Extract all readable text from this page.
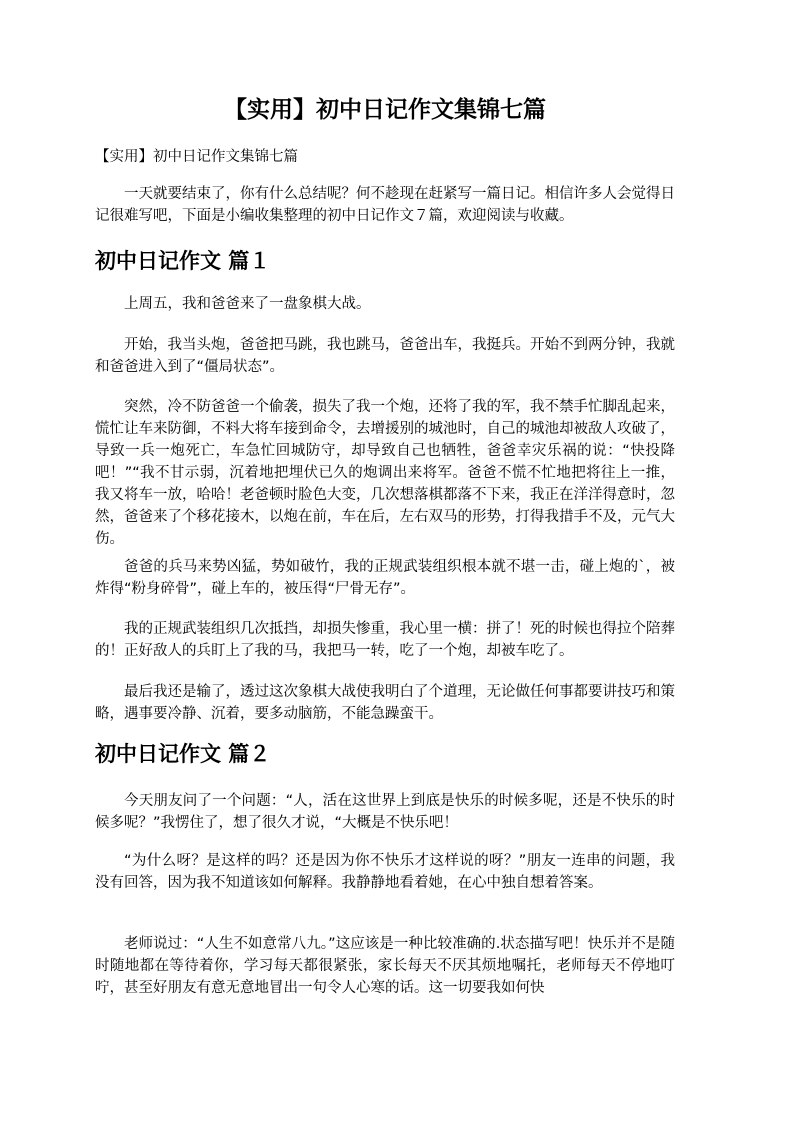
【实用】初中日记作文集锦七篇

【实用】初中日记作文集锦七篇

一天就要结束了，你有什么总结呢？何不趁现在赶紧写一篇日记。相信许多人会觉得日记很难写吧，下面是小编收集整理的初中日记作文７篇，欢迎阅读与收藏。

初中日记作文 篇１

上周五，我和爸爸来了一盘象棋大战。

开始，我当头炮，爸爸把马跳，我也跳马，爸爸出车，我挺兵。开始不到两分钟，我就和爸爸进入到了“僵局状态”。

突然，冷不防爸爸一个偷袭，损失了我一个炮，还将了我的军，我不禁手忙脚乱起来，慌忙让车来防御，不料大将车接到命令，去增援别的城池时，自己的城池却被敌人攻破了，导致一兵一炮死亡，车急忙回城防守，却导致自己也牺牲，爸爸幸灾乐祸的说：“快投降吧！”“我不甘示弱，沉着地把埋伏已久的炮调出来将军。爸爸不慌不忙地把将往上一推，我又将车一放，哈哈！老爸顿时脸色大变，几次想落棋都落不下来，我正在洋洋得意时，忽然，爸爸来了个移花接木，以炮在前，车在后，左右双马的形势，打得我措手不及，元气大伤。

爸爸的兵马来势凶猛，势如破竹，我的正规武装组织根本就不堪一击，碰上炮的`，被炸得“粉身碎骨”，碰上车的，被压得“尸骨无存”。

我的正规武装组织几次抵挡，却损失惨重，我心里一横：拼了！死的时候也得拉个陪葬的！正好敌人的兵盯上了我的马，我把马一转，吃了一个炮，却被车吃了。

最后我还是输了，透过这次象棋大战使我明白了个道理，无论做任何事都要讲技巧和策略，遇事要冷静、沉着，要多动脑筋，不能急躁蛮干。

初中日记作文 篇２

今天朋友问了一个问题：“人，活在这世界上到底是快乐的时候多呢，还是不快乐的时候多呢？”我愣住了，想了很久才说，“大概是不快乐吧！

“为什么呀？是这样的吗？还是因为你不快乐才这样说的呀？”朋友一连串的问题，我没有回答，因为我不知道该如何解释。我静静地看着她，在心中独自想着答案。

老师说过：“人生不如意常八九。”这应该是一种比较准确的.状态描写吧！快乐并不是随时随地都在等待着你，学习每天都很紧张，家长每天不厌其烦地嘱托，老师每天不停地叮咛，甚至好朋友有意无意地冒出一句令人心寒的话。这一切要我如何快
